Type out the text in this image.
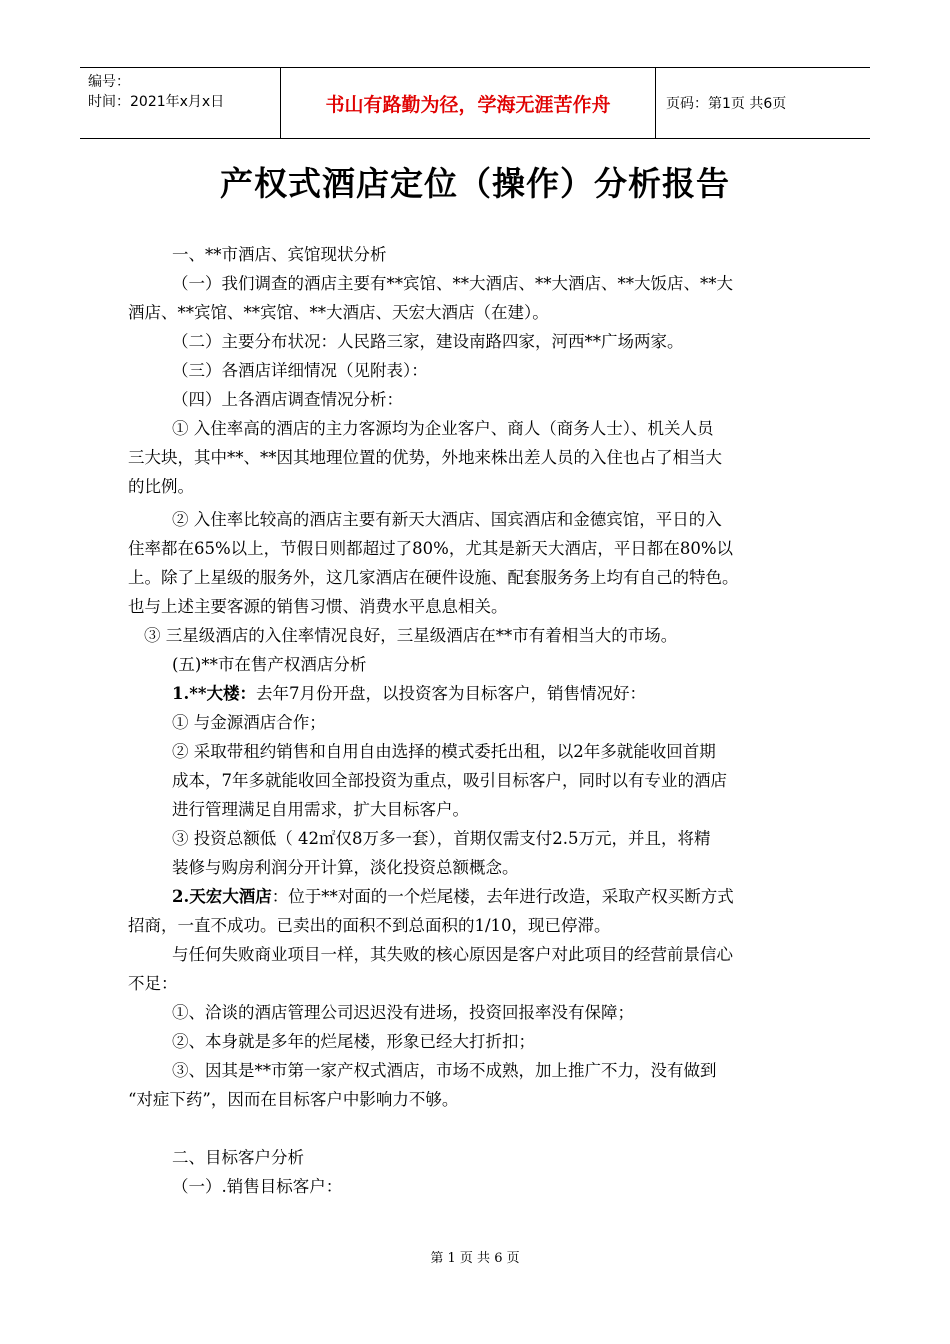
编号：
时间：2021年x月x日	书山有路勤为径，学海无涯苦作舟	页码：第1页 共6页
产权式酒店定位（操作）分析报告

一、**市酒店、宾馆现状分析

（一）我们调查的酒店主要有**宾馆、**大酒店、**大酒店、**大饭店、**大

酒店、**宾馆、**宾馆、**大酒店、天宏大酒店（在建）。

（二）主要分布状况：人民路三家，建设南路四家，河西**广场两家。

（三）各酒店详细情况（见附表）：

（四）上各酒店调查情况分析：

① 入住率高的酒店的主力客源均为企业客户、商人（商务人士）、机关人员

三大块，其中**、**因其地理位置的优势，外地来株出差人员的入住也占了相当大

的比例。

② 入住率比较高的酒店主要有新天大酒店、国宾酒店和金德宾馆，平日的入

住率都在65%以上，节假日则都超过了80%，尤其是新天大酒店，平日都在80%以

上。除了上星级的服务外，这几家酒店在硬件设施、配套服务务上均有自己的特色。

也与上述主要客源的销售习惯、消费水平息息相关。

③ 三星级酒店的入住率情况良好，三星级酒店在**市有着相当大的市场。

(五)**市在售产权酒店分析

1.**大楼：去年7月份开盘，以投资客为目标客户，销售情况好：

① 与金源酒店合作；

② 采取带租约销售和自用自由选择的模式委托出租，以2年多就能收回首期

成本，7年多就能收回全部投资为重点，吸引目标客户，同时以有专业的酒店

进行管理满足自用需求，扩大目标客户。

③ 投资总额低（ 42㎡仅8万多一套），首期仅需支付2.5万元，并且，将精

装修与购房利润分开计算，淡化投资总额概念。

2.天宏大酒店：位于**对面的一个烂尾楼，去年进行改造，采取产权买断方式

招商，一直不成功。已卖出的面积不到总面积的1/10，现已停滞。

与任何失败商业项目一样，其失败的核心原因是客户对此项目的经营前景信心

不足：

①、洽谈的酒店管理公司迟迟没有进场，投资回报率没有保障；

②、本身就是多年的烂尾楼，形象已经大打折扣；

③、因其是**市第一家产权式酒店，市场不成熟，加上推广不力，没有做到

“对症下药”，因而在目标客户中影响力不够。

二、目标客户分析

（一）.销售目标客户：

第 1 页 共 6 页
